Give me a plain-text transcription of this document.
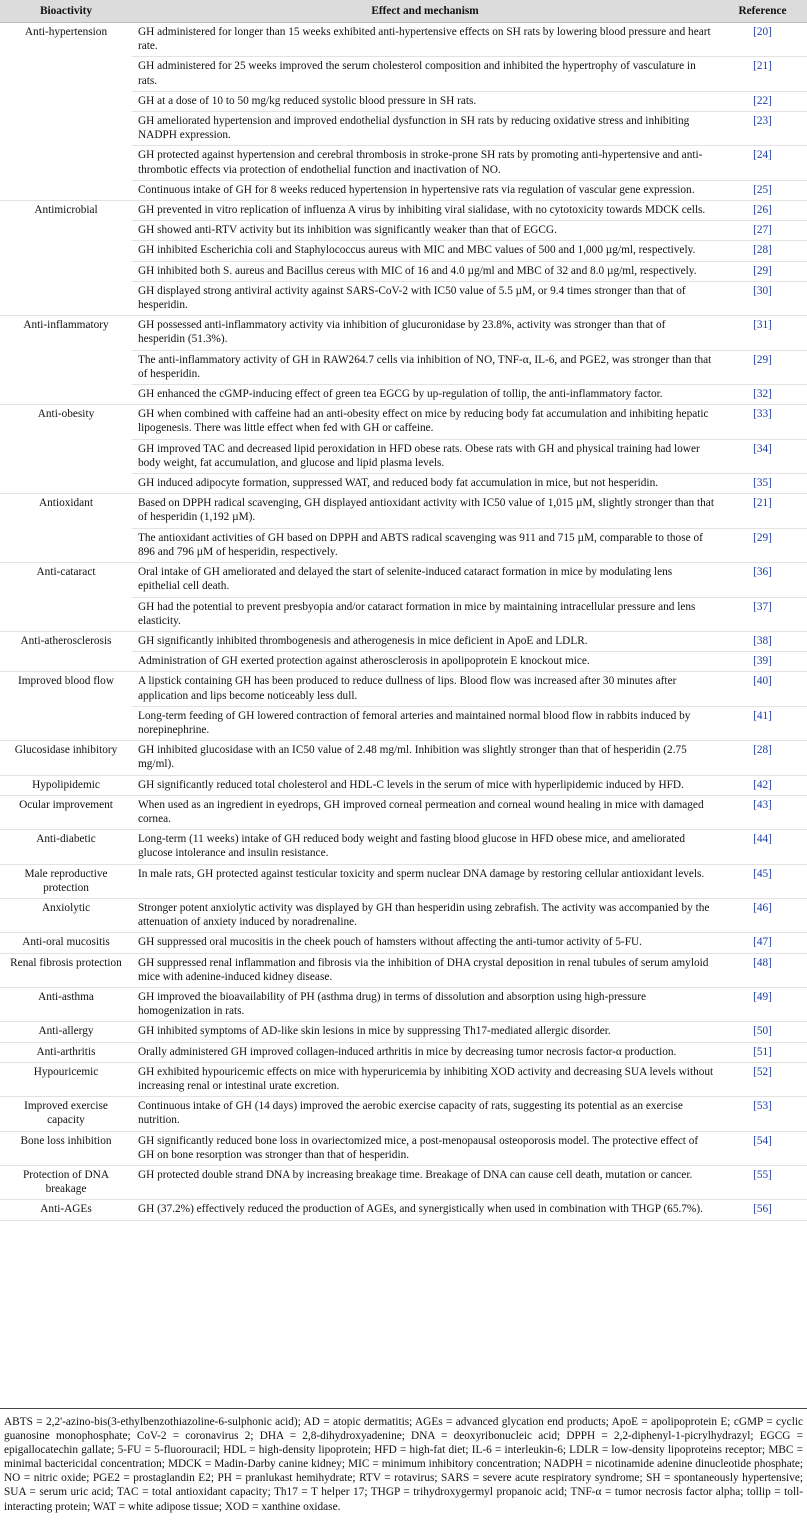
Bioactivity	Effect and mechanism	Reference
Anti-hypertension	GH administered for longer than 15 weeks exhibited anti-hypertensive effects on SH rats by lowering blood pressure and heart rate.	[20]
	GH administered for 25 weeks improved the serum cholesterol composition and inhibited the hypertrophy of vasculature in rats.	[21]
	GH at a dose of 10 to 50 mg/kg reduced systolic blood pressure in SH rats.	[22]
	GH ameliorated hypertension and improved endothelial dysfunction in SH rats by reducing oxidative stress and inhibiting NADPH expression.	[23]
	GH protected against hypertension and cerebral thrombosis in stroke-prone SH rats by promoting anti-hypertensive and anti-thrombotic effects via protection of endothelial function and inactivation of NO.	[24]
	Continuous intake of GH for 8 weeks reduced hypertension in hypertensive rats via regulation of vascular gene expression.	[25]
Antimicrobial	GH prevented in vitro replication of influenza A virus by inhibiting viral sialidase, with no cytotoxicity towards MDCK cells.	[26]
	GH showed anti-RTV activity but its inhibition was significantly weaker than that of EGCG.	[27]
	GH inhibited Escherichia coli and Staphylococcus aureus with MIC and MBC values of 500 and 1,000 µg/ml, respectively.	[28]
	GH inhibited both S. aureus and Bacillus cereus with MIC of 16 and 4.0 µg/ml and MBC of 32 and 8.0 µg/ml, respectively.	[29]
	GH displayed strong antiviral activity against SARS-CoV-2 with IC50 value of 5.5 µM, or 9.4 times stronger than that of hesperidin.	[30]
Anti-inflammatory	GH possessed anti-inflammatory activity via inhibition of glucuronidase by 23.8%, activity was stronger than that of hesperidin (51.3%).	[31]
	The anti-inflammatory activity of GH in RAW264.7 cells via inhibition of NO, TNF-α, IL-6, and PGE2, was stronger than that of hesperidin.	[29]
	GH enhanced the cGMP-inducing effect of green tea EGCG by up-regulation of tollip, the anti-inflammatory factor.	[32]
Anti-obesity	GH when combined with caffeine had an anti-obesity effect on mice by reducing body fat accumulation and inhibiting hepatic lipogenesis. There was little effect when fed with GH or caffeine.	[33]
	GH improved TAC and decreased lipid peroxidation in HFD obese rats. Obese rats with GH and physical training had lower body weight, fat accumulation, and glucose and lipid plasma levels.	[34]
	GH induced adipocyte formation, suppressed WAT, and reduced body fat accumulation in mice, but not hesperidin.	[35]
Antioxidant	Based on DPPH radical scavenging, GH displayed antioxidant activity with IC50 value of 1,015 µM, slightly stronger than that of hesperidin (1,192 µM).	[21]
	The antioxidant activities of GH based on DPPH and ABTS radical scavenging was 911 and 715 µM, comparable to those of 896 and 796 µM of hesperidin, respectively.	[29]
Anti-cataract	Oral intake of GH ameliorated and delayed the start of selenite-induced cataract formation in mice by modulating lens epithelial cell death.	[36]
	GH had the potential to prevent presbyopia and/or cataract formation in mice by maintaining intracellular pressure and lens elasticity.	[37]
Anti-atherosclerosis	GH significantly inhibited thrombogenesis and atherogenesis in mice deficient in ApoE and LDLR.	[38]
	Administration of GH exerted protection against atherosclerosis in apolipoprotein E knockout mice.	[39]
Improved blood flow	A lipstick containing GH has been produced to reduce dullness of lips. Blood flow was increased after 30 minutes after application and lips become noticeably less dull.	[40]
	Long-term feeding of GH lowered contraction of femoral arteries and maintained normal blood flow in rabbits induced by norepinephrine.	[41]
Glucosidase inhibitory	GH inhibited glucosidase with an IC50 value of 2.48 mg/ml. Inhibition was slightly stronger than that of hesperidin (2.75 mg/ml).	[28]
Hypolipidemic	GH significantly reduced total cholesterol and HDL-C levels in the serum of mice with hyperlipidemic induced by HFD.	[42]
Ocular improvement	When used as an ingredient in eyedrops, GH improved corneal permeation and corneal wound healing in mice with damaged cornea.	[43]
Anti-diabetic	Long-term (11 weeks) intake of GH reduced body weight and fasting blood glucose in HFD obese mice, and ameliorated glucose intolerance and insulin resistance.	[44]
Male reproductive protection	In male rats, GH protected against testicular toxicity and sperm nuclear DNA damage by restoring cellular antioxidant levels.	[45]
Anxiolytic	Stronger potent anxiolytic activity was displayed by GH than hesperidin using zebrafish. The activity was accompanied by the attenuation of anxiety induced by noradrenaline.	[46]
Anti-oral mucositis	GH suppressed oral mucositis in the cheek pouch of hamsters without affecting the anti-tumor activity of 5-FU.	[47]
Renal fibrosis protection	GH suppressed renal inflammation and fibrosis via the inhibition of DHA crystal deposition in renal tubules of serum amyloid mice with adenine-induced kidney disease.	[48]
Anti-asthma	GH improved the bioavailability of PH (asthma drug) in terms of dissolution and absorption using high-pressure homogenization in rats.	[49]
Anti-allergy	GH inhibited symptoms of AD-like skin lesions in mice by suppressing Th17-mediated allergic disorder.	[50]
Anti-arthritis	Orally administered GH improved collagen-induced arthritis in mice by decreasing tumor necrosis factor-α production.	[51]
Hypouricemic	GH exhibited hypouricemic effects on mice with hyperuricemia by inhibiting XOD activity and decreasing SUA levels without increasing renal or intestinal urate excretion.	[52]
Improved exercise capacity	Continuous intake of GH (14 days) improved the aerobic exercise capacity of rats, suggesting its potential as an exercise nutrition.	[53]
Bone loss inhibition	GH significantly reduced bone loss in ovariectomized mice, a post-menopausal osteoporosis model. The protective effect of GH on bone resorption was stronger than that of hesperidin.	[54]
Protection of DNA breakage	GH protected double strand DNA by increasing breakage time. Breakage of DNA can cause cell death, mutation or cancer.	[55]
Anti-AGEs	GH (37.2%) effectively reduced the production of AGEs, and synergistically when used in combination with THGP (65.7%).	[56]
ABTS = 2,2'-azino-bis(3-ethylbenzothiazoline-6-sulphonic acid); AD = atopic dermatitis; AGEs = advanced glycation end products; ApoE = apolipoprotein E; cGMP = cyclic guanosine monophosphate; CoV-2 = coronavirus 2; DHA = 2,8-dihydroxyadenine; DNA = deoxyribonucleic acid; DPPH = 2,2-diphenyl-1-picrylhydrazyl; EGCG = epigallocatechin gallate; 5-FU = 5-fluorouracil; HDL = high-density lipoprotein; HFD = high-fat diet; IL-6 = interleukin-6; LDLR = low-density lipoproteins receptor; MBC = minimal bactericidal concentration; MDCK = Madin-Darby canine kidney; MIC = minimum inhibitory concentration; NADPH = nicotinamide adenine dinucleotide phosphate; NO = nitric oxide; PGE2 = prostaglandin E2; PH = pranlukast hemihydrate; RTV = rotavirus; SARS = severe acute respiratory syndrome; SH = spontaneously hypertensive; SUA = serum uric acid; TAC = total antioxidant capacity; Th17 = T helper 17; THGP = trihydroxygermyl propanoic acid; TNF-α = tumor necrosis factor alpha; tollip = toll-interacting protein; WAT = white adipose tissue; XOD = xanthine oxidase.
